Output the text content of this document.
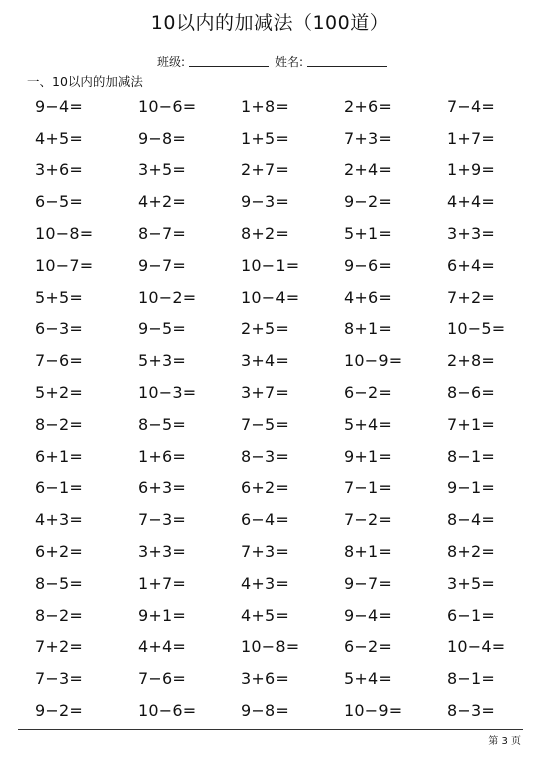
10以内的加减法（100道）
班级:	姓名:
一、10以内的加减法
9−4=	10−6=	1+8=	2+6=	7−4=
4+5=	9−8=	1+5=	7+3=	1+7=
3+6=	3+5=	2+7=	2+4=	1+9=
6−5=	4+2=	9−3=	9−2=	4+4=
10−8=	8−7=	8+2=	5+1=	3+3=
10−7=	9−7=	10−1=	9−6=	6+4=
5+5=	10−2=	10−4=	4+6=	7+2=
6−3=	9−5=	2+5=	8+1=	10−5=
7−6=	5+3=	3+4=	10−9=	2+8=
5+2=	10−3=	3+7=	6−2=	8−6=
8−2=	8−5=	7−5=	5+4=	7+1=
6+1=	1+6=	8−3=	9+1=	8−1=
6−1=	6+3=	6+2=	7−1=	9−1=
4+3=	7−3=	6−4=	7−2=	8−4=
6+2=	3+3=	7+3=	8+1=	8+2=
8−5=	1+7=	4+3=	9−7=	3+5=
8−2=	9+1=	4+5=	9−4=	6−1=
7+2=	4+4=	10−8=	6−2=	10−4=
7−3=	7−6=	3+6=	5+4=	8−1=
9−2=	10−6=	9−8=	10−9=	8−3=
第 3 页
